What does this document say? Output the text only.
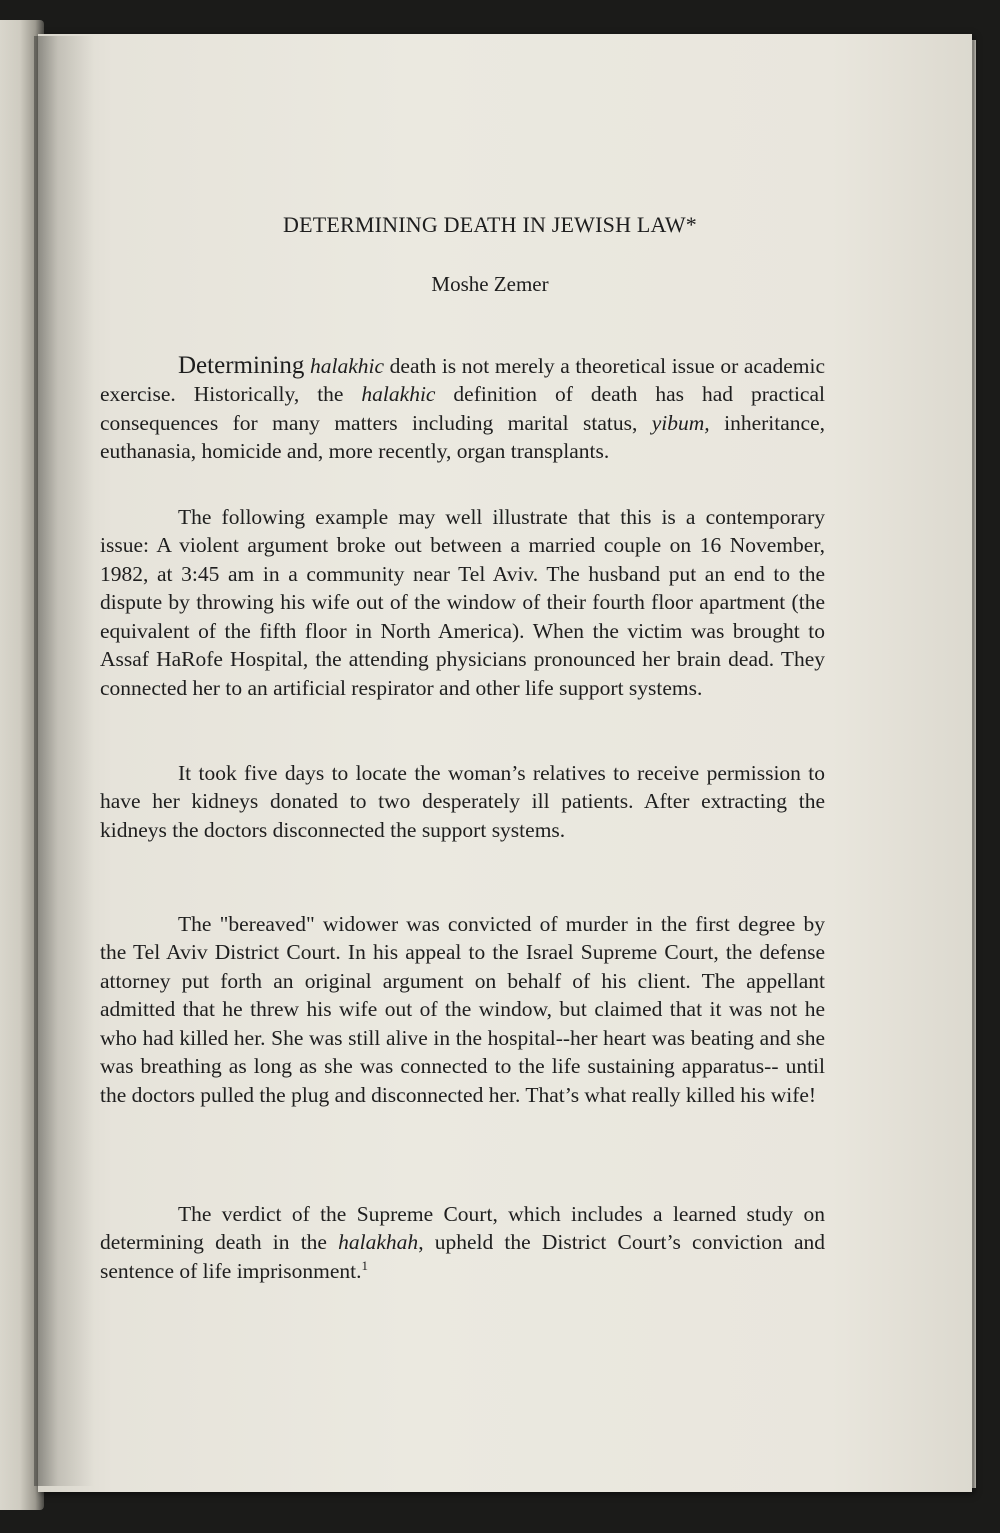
DETERMINING DEATH IN JEWISH LAW*
Moshe Zemer

Determining halakhic death is not merely a theoretical issue or academic exercise. Historically, the halakhic definition of death has had practical consequences for many matters including marital status, yibum, inheritance, euthanasia, homicide and, more recently, organ transplants.

The following example may well illustrate that this is a contemporary issue: A violent argument broke out between a married couple on 16 November, 1982, at 3:45 am in a community near Tel Aviv. The husband put an end to the dispute by throwing his wife out of the window of their fourth floor apartment (the equivalent of the fifth floor in North America). When the victim was brought to Assaf HaRofe Hospital, the attending physicians pronounced her brain dead. They connected her to an artificial respirator and other life support systems.

It took five days to locate the woman’s relatives to receive permission to have her kidneys donated to two desperately ill patients. After extracting the kidneys the doctors disconnected the support systems.

The "bereaved" widower was convicted of murder in the first degree by the Tel Aviv District Court. In his appeal to the Israel Supreme Court, the defense attorney put forth an original argument on behalf of his client. The appellant admitted that he threw his wife out of the window, but claimed that it was not he who had killed her. She was still alive in the hospital--her heart was beating and she was breathing as long as she was connected to the life sustaining apparatus-- until the doctors pulled the plug and disconnected her. That’s what really killed his wife!

The verdict of the Supreme Court, which includes a learned study on determining death in the halakhah, upheld the District Court’s conviction and sentence of life imprisonment.$^1$
